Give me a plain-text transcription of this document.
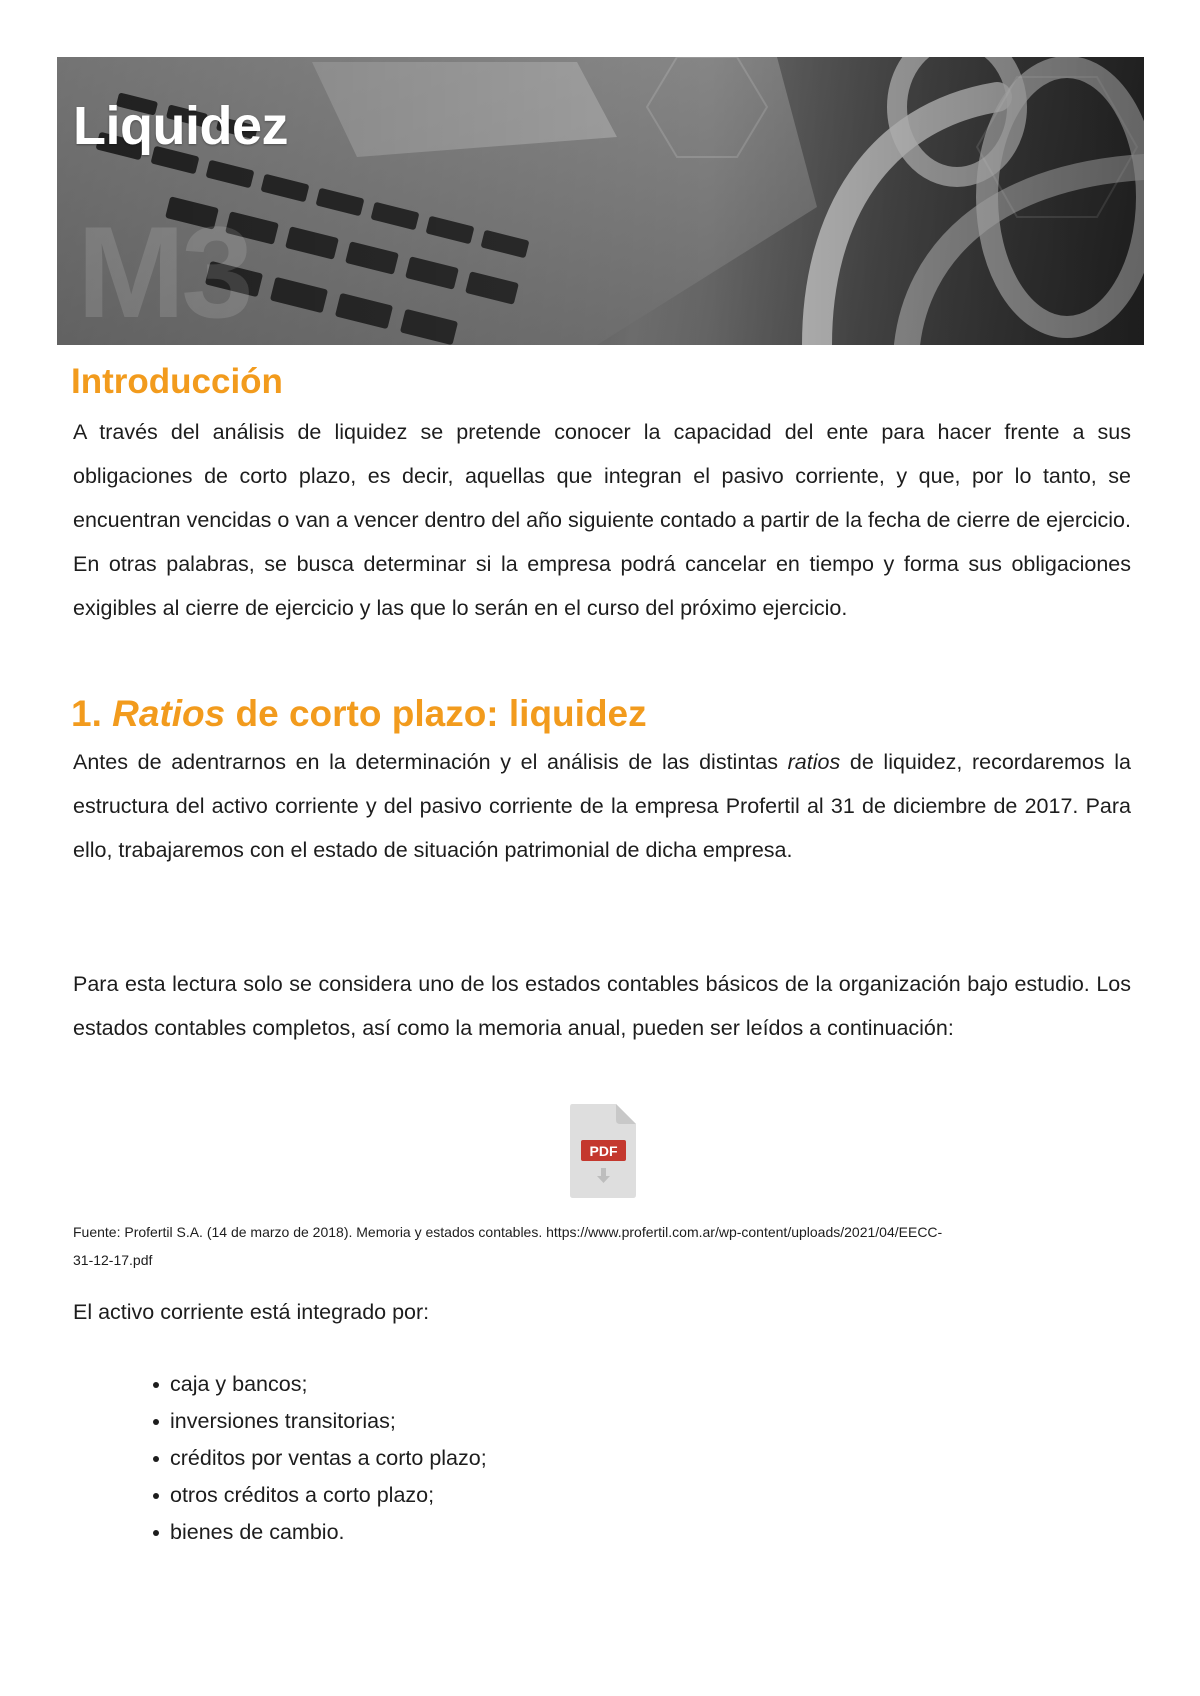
M3
Liquidez
Introducción

A través del análisis de liquidez se pretende conocer la capacidad del ente para hacer frente a sus obligaciones de corto plazo, es decir, aquellas que integran el pasivo corriente, y que, por lo tanto, se encuentran vencidas o van a vencer dentro del año siguiente contado a partir de la fecha de cierre de ejercicio. En otras palabras, se busca determinar si la empresa podrá cancelar en tiempo y forma sus obligaciones exigibles al cierre de ejercicio y las que lo serán en el curso del próximo ejercicio.

1. Ratios de corto plazo: liquidez

Antes de adentrarnos en la determinación y el análisis de las distintas ratios de liquidez, recordaremos la estructura del activo corriente y del pasivo corriente de la empresa Profertil al 31 de diciembre de 2017. Para ello, trabajaremos con el estado de situación patrimonial de dicha empresa.

Para esta lectura solo se considera uno de los estados contables básicos de la organización bajo estudio. Los estados contables completos, así como la memoria anual, pueden ser leídos a continuación:

PDF

Fuente: Profertil S.A. (14 de marzo de 2018). Memoria y estados contables. https://www.profertil.com.ar/wp-content/uploads/2021/04/EECC-
31-12-17.pdf

El activo corriente está integrado por:

caja y bancos;
inversiones transitorias;
créditos por ventas a corto plazo;
otros créditos a corto plazo;
bienes de cambio.
